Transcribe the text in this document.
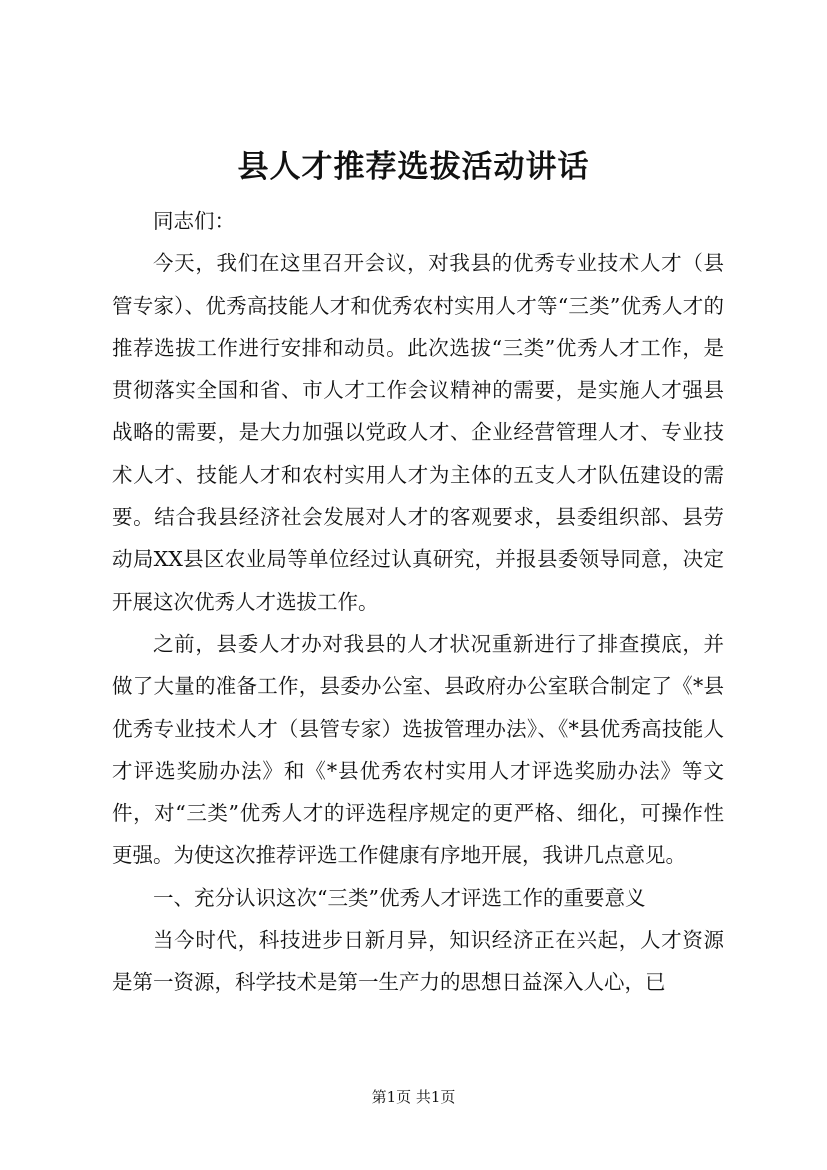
县人才推荐选拔活动讲话

同志们：

今天，我们在这里召开会议，对我县的优秀专业技术人才（县管专家）、优秀高技能人才和优秀农村实用人才等“三类”优秀人才的推荐选拔工作进行安排和动员。此次选拔“三类”优秀人才工作，是贯彻落实全国和省、市人才工作会议精神的需要，是实施人才强县战略的需要，是大力加强以党政人才、企业经营管理人才、专业技术人才、技能人才和农村实用人才为主体的五支人才队伍建设的需要。结合我县经济社会发展对人才的客观要求，县委组织部、县劳动局XX县区农业局等单位经过认真研究，并报县委领导同意，决定开展这次优秀人才选拔工作。

之前，县委人才办对我县的人才状况重新进行了排查摸底，并做了大量的准备工作，县委办公室、县政府办公室联合制定了《*县优秀专业技术人才（县管专家）选拔管理办法》、《*县优秀高技能人才评选奖励办法》和《*县优秀农村实用人才评选奖励办法》等文件，对“三类”优秀人才的评选程序规定的更严格、细化，可操作性更强。为使这次推荐评选工作健康有序地开展，我讲几点意见。

一、充分认识这次“三类”优秀人才评选工作的重要意义

当今时代，科技进步日新月异，知识经济正在兴起，人才资源是第一资源，科学技术是第一生产力的思想日益深入人心，已

第1页 共1页
